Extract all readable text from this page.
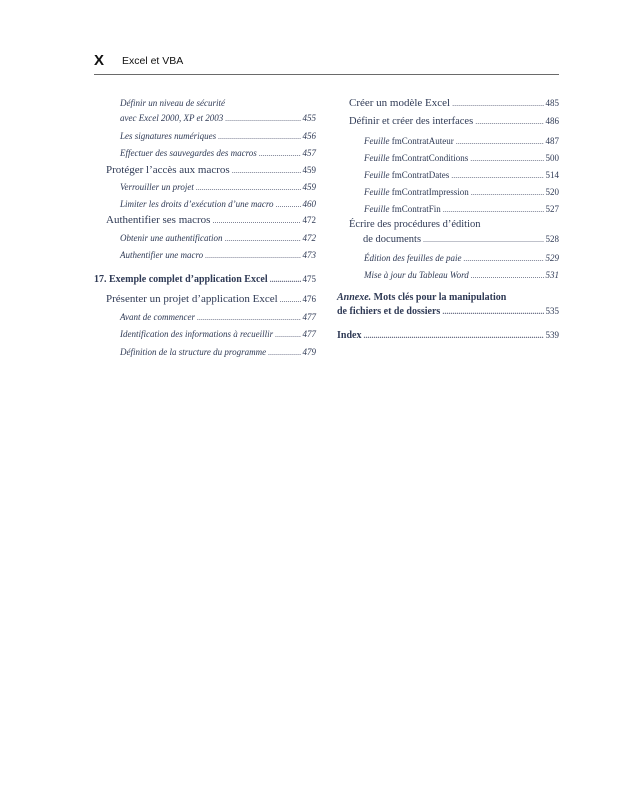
X Excel et VBA
Définir un niveau de sécurité
avec Excel 2000, XP et 2003 .....	455
Les signatures numériques .....	456
Effectuer des sauvegardes des macros .....	457
Protéger l’accès aux macros .....	459
Verrouiller un projet .....	459
Limiter les droits d’exécution d’une macro .....	460
Authentifier ses macros .....	472
Obtenir une authentification .....	472
Authentifier une macro .....	473
17. Exemple complet d’application Excel .....	475
Présenter un projet d’application Excel .....	476
Avant de commencer .....	477
Identification des informations à recueillir .....	477
Définition de la structure du programme .....	479
Créer un modèle Excel .....	485
Définir et créer des interfaces .....	486
Feuille fmContratAuteur .....	487
Feuille fmContratConditions .....	500
Feuille fmContratDates .....	514
Feuille fmContratImpression .....	520
Feuille fmContratFin .....	527
Écrire des procédures d’édition
de documents .....	528
Édition des feuilles de paie .....	529
Mise à jour du Tableau Word .....	531
Annexe. Mots clés pour la manipulation
de fichiers et de dossiers .....	535
Index .....	539
